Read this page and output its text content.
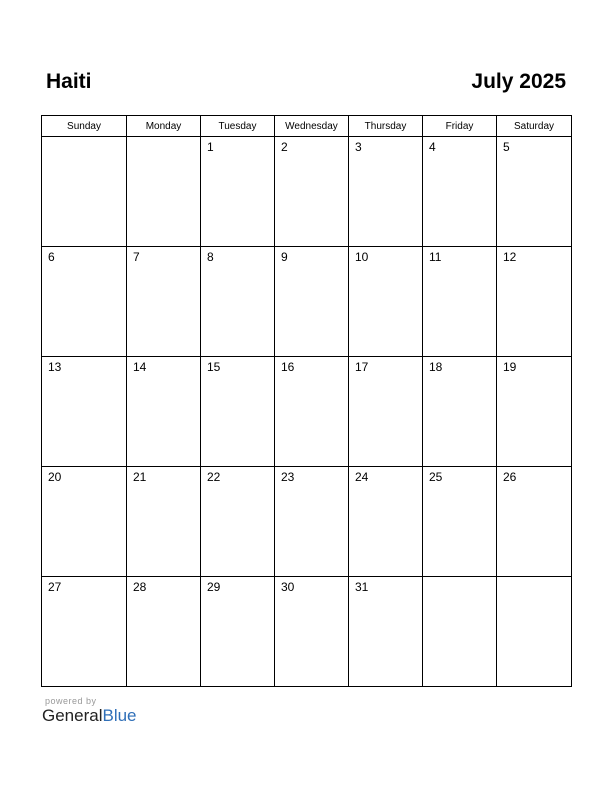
Haiti	July 2025
Sunday	Monday	Tuesday	Wednesday	Thursday	Friday	Saturday

		1	2	3	4	5

6	7	8	9	10	11	12

13	14	15	16	17	18	19

20	21	22	23	24	25	26

27	28	29	30	31		

powered by
GeneralBlue
